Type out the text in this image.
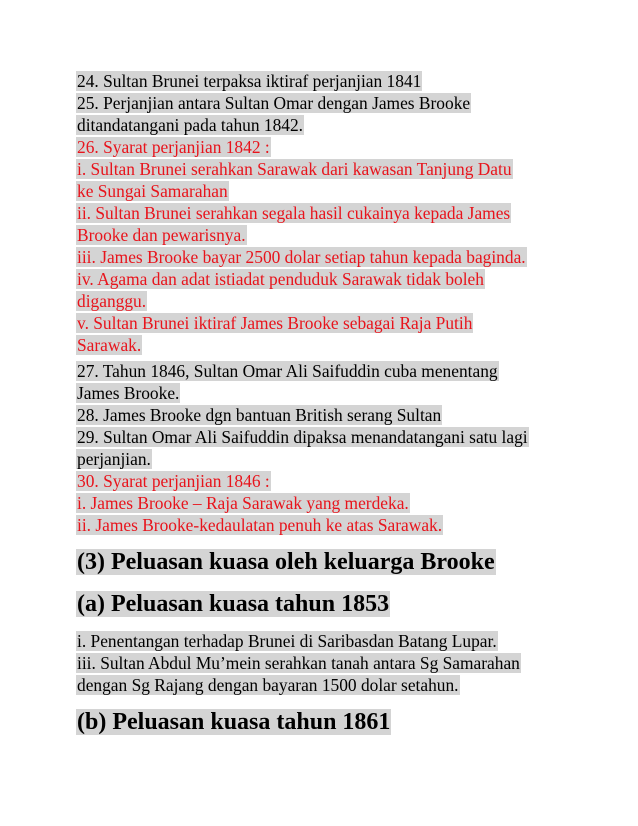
24. Sultan Brunei terpaksa iktiraf perjanjian 1841
25. Perjanjian antara Sultan Omar dengan James Brooke
ditandatangani pada tahun 1842.
26. Syarat perjanjian 1842 :
i. Sultan Brunei serahkan Sarawak dari kawasan Tanjung Datu
ke Sungai Samarahan
ii. Sultan Brunei serahkan segala hasil cukainya kepada James
Brooke dan pewarisnya.
iii. James Brooke bayar 2500 dolar setiap tahun kepada baginda.
iv. Agama dan adat istiadat penduduk Sarawak tidak boleh
diganggu.
v. Sultan Brunei iktiraf James Brooke sebagai Raja Putih
Sarawak.
27. Tahun 1846, Sultan Omar Ali Saifuddin cuba menentang
James Brooke.
28. James Brooke dgn bantuan British serang Sultan
29. Sultan Omar Ali Saifuddin dipaksa menandatangani satu lagi
perjanjian.
30. Syarat perjanjian 1846 :
i. James Brooke – Raja Sarawak yang merdeka.
ii. James Brooke-kedaulatan penuh ke atas Sarawak.
(3) Peluasan kuasa oleh keluarga Brooke
(a) Peluasan kuasa tahun 1853
i. Penentangan terhadap Brunei di Saribasdan Batang Lupar.
iii. Sultan Abdul Mu’mein serahkan tanah antara Sg Samarahan
dengan Sg Rajang dengan bayaran 1500 dolar setahun.
(b) Peluasan kuasa tahun 1861
